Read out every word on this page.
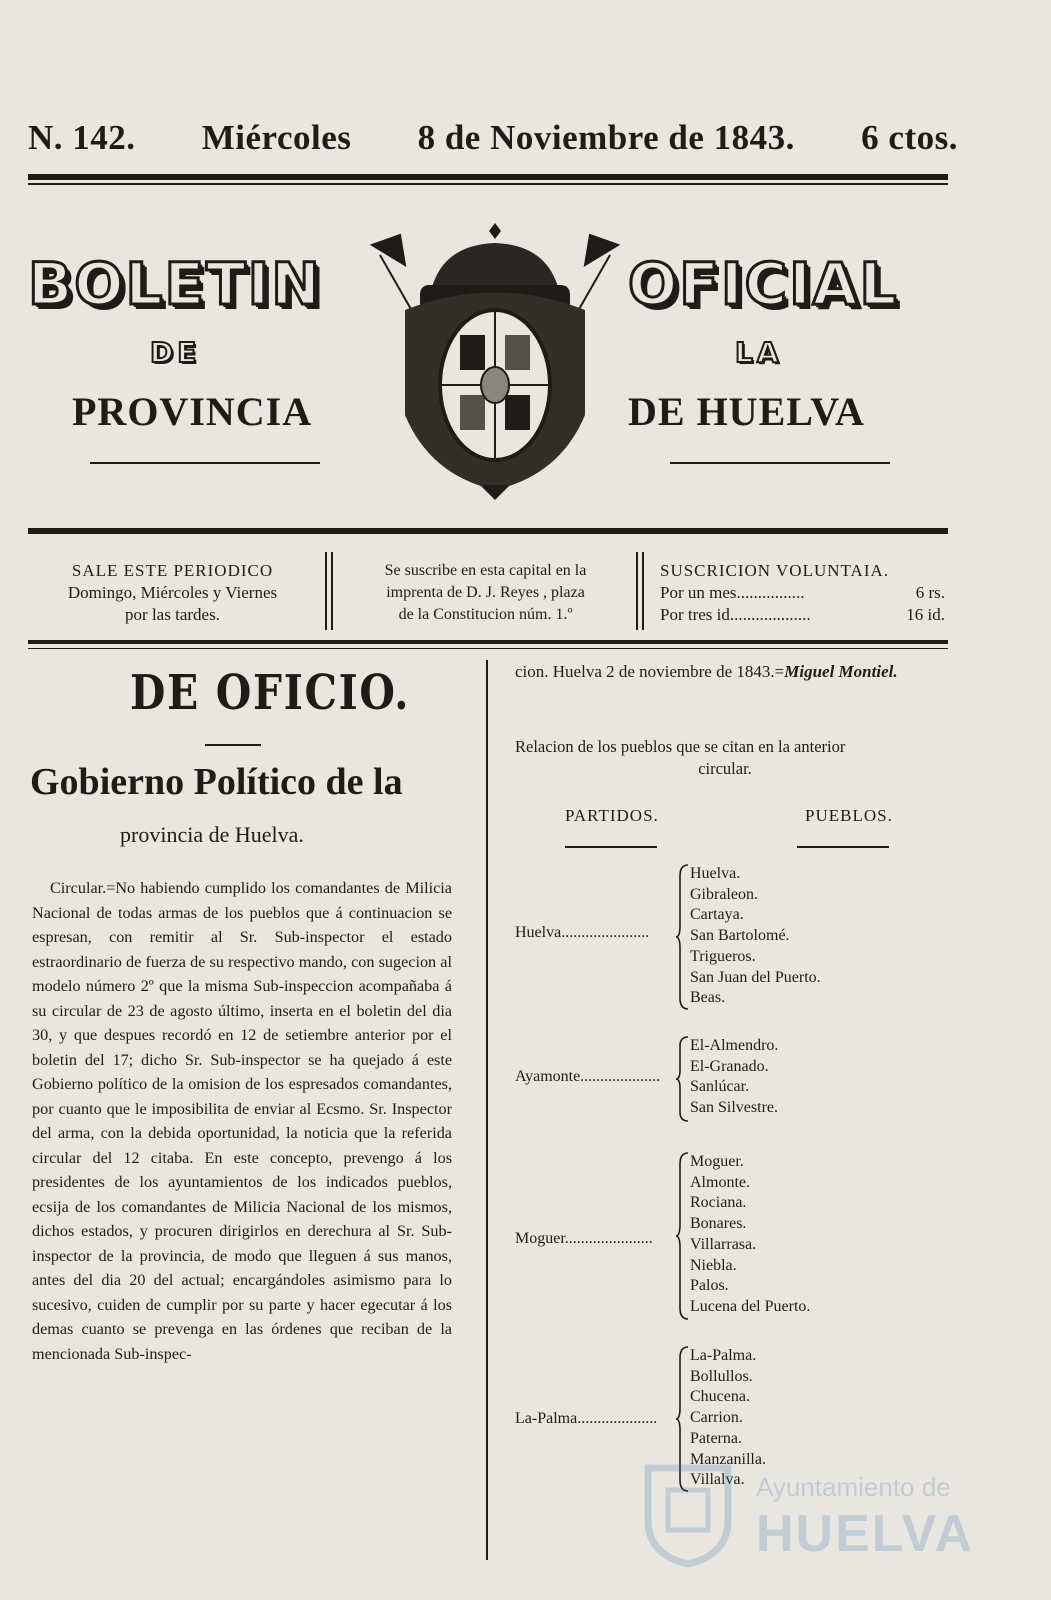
N. 142. Miércoles 8 de Noviembre de 1843. 6 ctos.
BOLETIN	OFICIAL
DE	LA
PROVINCIA	DE HUELVA
SALE ESTE PERIODICO
Domingo, Miércoles y Viernes
por las tardes.
Se suscribe en esta capital en la
imprenta de D. J. Reyes , plaza
de la Constitucion núm. 1.º
SUSCRICION VOLUNTAIA.
Por un mes................	6 rs.
Por tres id...................	16 id.
DE OFICIO.
Gobierno Político de la
provincia de Huelva.

Circular.=No habiendo cumplido los comandantes de Milicia Nacional de todas armas de los pueblos que á continuacion se espresan, con remitir al Sr. Sub-inspector el estado estraordinario de fuerza de su respectivo mando, con sugecion al modelo número 2º que la misma Sub-inspeccion acompañaba á su circular de 23 de agosto último, inserta en el boletin del dia 30, y que despues recordó en 12 de setiembre anterior por el boletin del 17; dicho Sr. Sub-inspector se ha quejado á este Gobierno político de la omision de los espresados comandantes, por cuanto que le imposibilita de enviar al Ecsmo. Sr. Inspector del arma, con la debida oportunidad, la noticia que la referida circular del 12 citaba. En este concepto, prevengo á los presidentes de los ayuntamientos de los indicados pueblos, ecsija de los comandantes de Milicia Nacional de los mismos, dichos estados, y procuren dirigirlos en derechura al Sr. Sub-inspector de la provincia, de modo que lleguen á sus manos, antes del dia 20 del actual; encargándoles asimismo para lo sucesivo, cuiden de cumplir por su parte y hacer egecutar á los demas cuanto se prevenga en las órdenes que reciban de la mencionada Sub-inspec-

cion. Huelva 2 de noviembre de 1843.=Miguel Montiel.
Relacion de los pueblos que se citan en la anterior
circular.
PARTIDOS.	PUEBLOS.
Huelva......................
Huelva.
Gibraleon.
Cartaya.
San Bartolomé.
Trigueros.
San Juan del Puerto.
Beas.
Ayamonte....................
El-Almendro.
El-Granado.
Sanlúcar.
San Silvestre.
Moguer......................
Moguer.
Almonte.
Rociana.
Bonares.
Villarrasa.
Niebla.
Palos.
Lucena del Puerto.
La-Palma....................
La-Palma.
Bollullos.
Chucena.
Carrion.
Paterna.
Manzanilla.
Villalva. Ayuntamiento de
HUELVA
